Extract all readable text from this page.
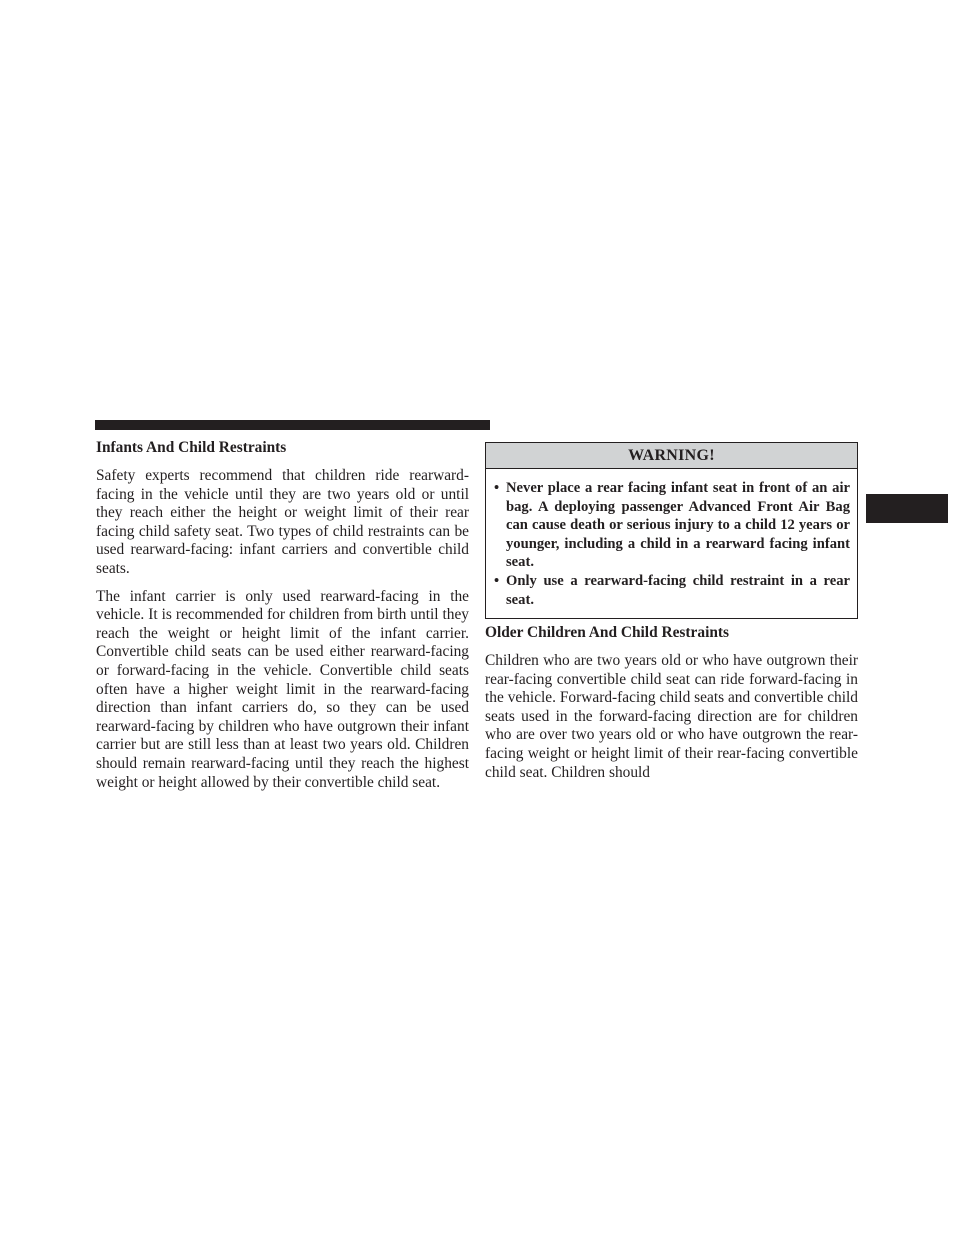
Infants And Child Restraints

Safety experts recommend that children ride rearward-facing in the vehicle until they are two years old or until they reach either the height or weight limit of their rear facing child safety seat. Two types of child restraints can be used rearward-facing: infant carriers and convertible child seats.

The infant carrier is only used rearward-facing in the vehicle. It is recommended for children from birth until they reach the weight or height limit of the infant carrier. Convertible child seats can be used either rearward-facing or forward-facing in the vehicle. Convertible child seats often have a higher weight limit in the rearward-facing direction than infant carriers do, so they can be used rearward-facing by children who have outgrown their infant carrier but are still less than at least two years old. Children should remain rearward-facing until they reach the highest weight or height allowed by their convertible child seat.

WARNING!
• Never place a rear facing infant seat in front of an air bag. A deploying passenger Advanced Front Air Bag can cause death or serious injury to a child 12 years or younger, including a child in a rearward facing infant seat.
• Only use a rearward-facing child restraint in a rear seat.
Older Children And Child Restraints

Children who are two years old or who have outgrown their rear-facing convertible child seat can ride forward-facing in the vehicle. Forward-facing child seats and convertible child seats used in the forward-facing direction are for children who are over two years old or who have outgrown the rear-facing weight or height limit of their rear-facing convertible child seat. Children should
